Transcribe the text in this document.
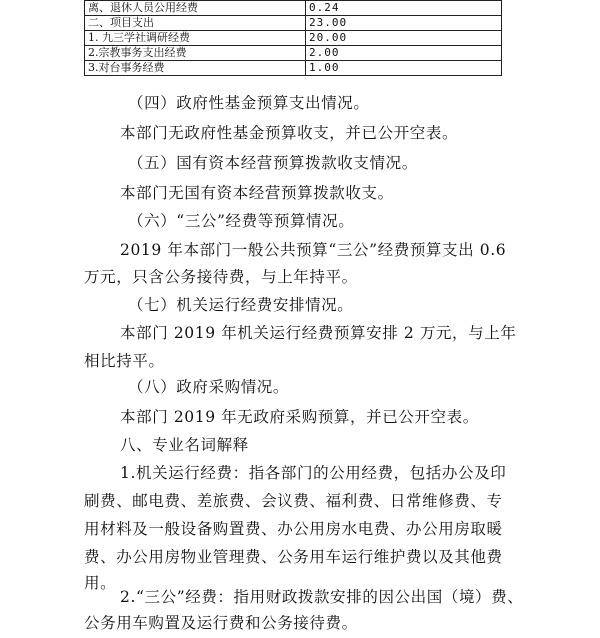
离、退休人员公用经费	0.24
二、项目支出	23.00
1. 九三学社调研经费	20.00
2.宗教事务支出经费	2.00
3.对台事务经费	1.00

（四）政府性基金预算支出情况。

本部门无政府性基金预算收支，并已公开空表。

（五）国有资本经营预算拨款收支情况。

本部门无国有资本经营预算拨款收支。

（六）“三公”经费等预算情况。

2019 年本部门一般公共预算“三公”经费预算支出 0.6

万元，只含公务接待费，与上年持平。

（七）机关运行经费安排情况。

本部门 2019 年机关运行经费预算安排 2 万元，与上年

相比持平。

（八）政府采购情况。

本部门 2019 年无政府采购预算，并已公开空表。

八、专业名词解释

1.机关运行经费：指各部门的公用经费，包括办公及印

刷费、邮电费、差旅费、会议费、福利费、日常维修费、专

用材料及一般设备购置费、办公用房水电费、办公用房取暖

费、办公用房物业管理费、公务用车运行维护费以及其他费

用。

2.“三公”经费：指用财政拨款安排的因公出国（境）费、

公务用车购置及运行费和公务接待费。
